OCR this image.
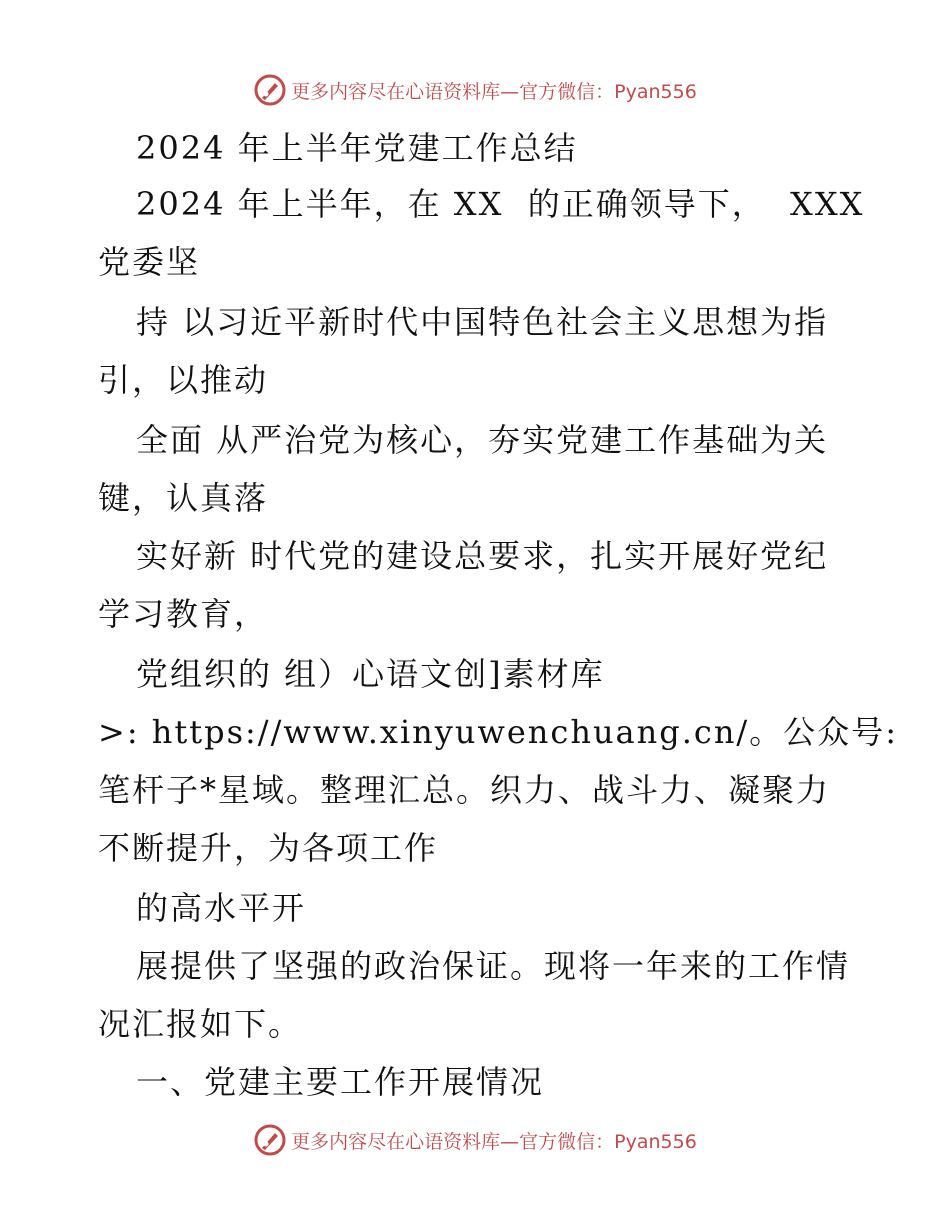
更多内容尽在心语资料库—官方微信：Pyan556
2024 年上半年党建工作总结
2024 年上半年，在 XX  的正确领导下，  XXX
党委坚
持 以习近平新时代中国特色社会主义思想为指
引，以推动
全面 从严治党为核心，夯实党建工作基础为关
键，认真落
实好新 时代党的建设总要求，扎实开展好党纪
学习教育，
党组织的 组）心语文创]素材库
>: https://www.xinyuwenchuang.cn/。公众号:
笔杆子*星域。整理汇总。织力、战斗力、凝聚力
不断提升，为各项工作
的高水平开
展提供了坚强的政治保证。现将一年来的工作情
况汇报如下。
一、党建主要工作开展情况
更多内容尽在心语资料库—官方微信：Pyan556
